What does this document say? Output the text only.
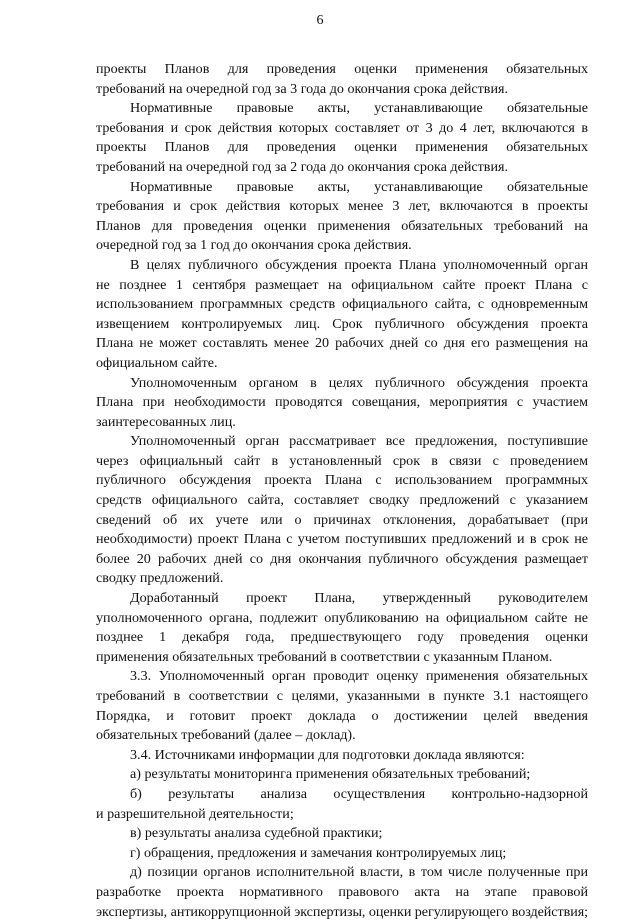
6
проекты Планов для проведения оценки применения обязательных
требований на очередной год за 3 года до окончания срока действия.
Нормативные правовые акты, устанавливающие обязательные
требования и срок действия которых составляет от 3 до 4 лет, включаются в
проекты Планов для проведения оценки применения обязательных
требований на очередной год за 2 года до окончания срока действия.
Нормативные правовые акты, устанавливающие обязательные
требования и срок действия которых менее 3 лет, включаются в проекты
Планов для проведения оценки применения обязательных требований на
очередной год за 1 год до окончания срока действия.
В целях публичного обсуждения проекта Плана уполномоченный орган
не позднее 1 сентября размещает на официальном сайте проект Плана с
использованием программных средств официального сайта, с одновременным
извещением контролируемых лиц. Срок публичного обсуждения проекта
Плана не может составлять менее 20 рабочих дней со дня его размещения на
официальном сайте.
Уполномоченным органом в целях публичного обсуждения проекта
Плана при необходимости проводятся совещания, мероприятия с участием
заинтересованных лиц.
Уполномоченный орган рассматривает все предложения, поступившие
через официальный сайт в установленный срок в связи с проведением
публичного обсуждения проекта Плана с использованием программных
средств официального сайта, составляет сводку предложений с указанием
сведений об их учете или о причинах отклонения, дорабатывает (при
необходимости) проект Плана с учетом поступивших предложений и в срок не
более 20 рабочих дней со дня окончания публичного обсуждения размещает
сводку предложений.
Доработанный проект Плана, утвержденный руководителем
уполномоченного органа, подлежит опубликованию на официальном сайте не
позднее 1 декабря года, предшествующего году проведения оценки
применения обязательных требований в соответствии с указанным Планом.
3.3. Уполномоченный орган проводит оценку применения обязательных
требований в соответствии с целями, указанными в пункте 3.1 настоящего
Порядка, и готовит проект доклада о достижении целей введения
обязательных требований (далее – доклад).
3.4. Источниками информации для подготовки доклада являются:
а) результаты мониторинга применения обязательных требований;
б) результаты анализа осуществления контрольно-надзорной
и разрешительной деятельности;
в) результаты анализа судебной практики;
г) обращения, предложения и замечания контролируемых лиц;
д) позиции органов исполнительной власти, в том числе полученные при
разработке проекта нормативного правового акта на этапе правовой
экспертизы, антикоррупционной экспертизы, оценки регулирующего воздействия;
